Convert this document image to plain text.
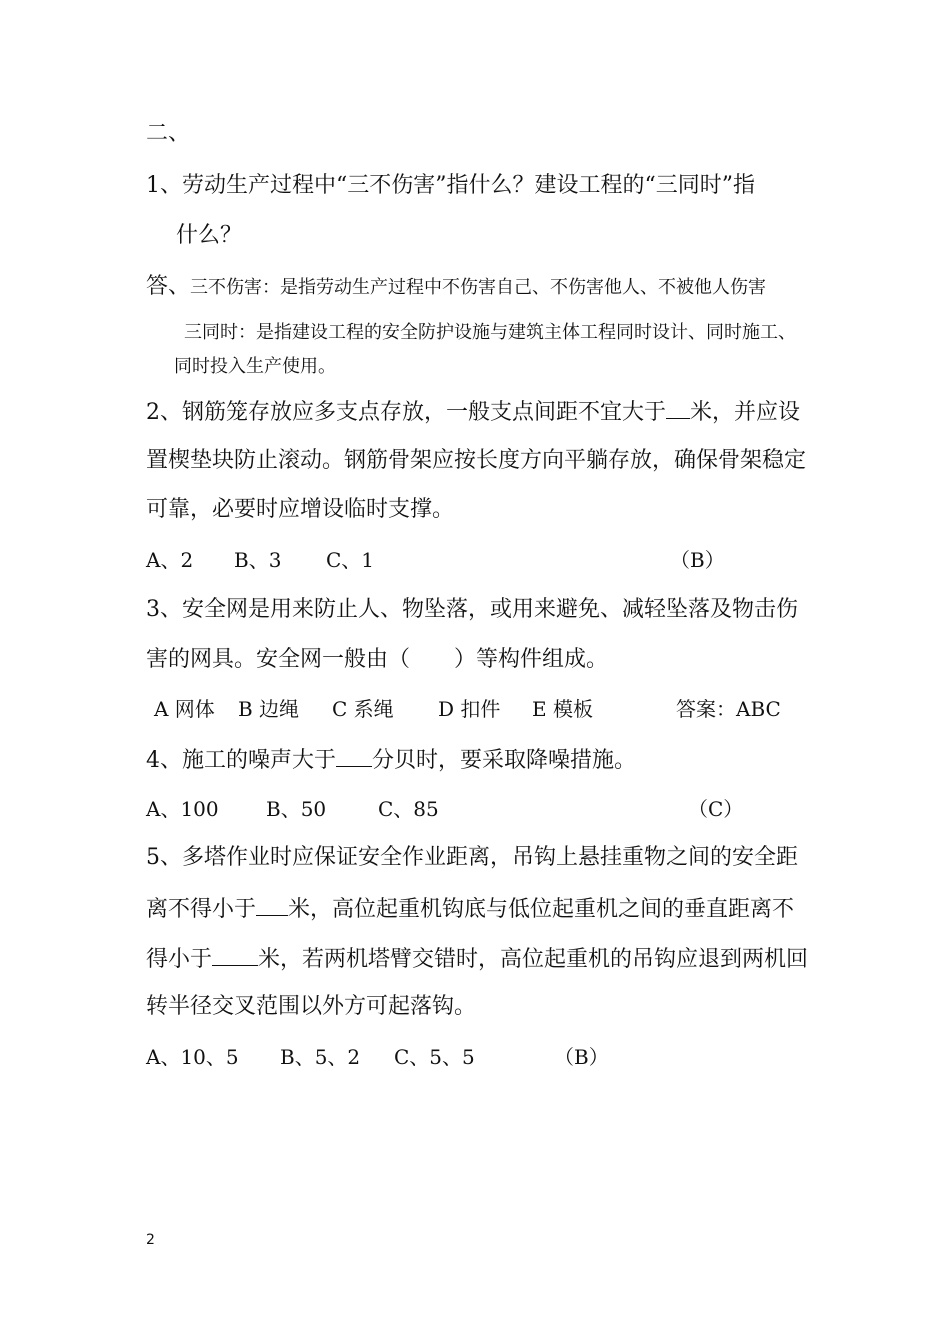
二、
1、劳动生产过程中“三不伤害”指什么？建设工程的“三同时”指
什么？
答、三不伤害：是指劳动生产过程中不伤害自己、不伤害他人、不被他人伤害
三同时：是指建设工程的安全防护设施与建筑主体工程同时设计、同时施工、
同时投入生产使用。
2、钢筋笼存放应多支点存放，一般支点间距不宜大于 米，并应设
置楔垫块防止滚动。钢筋骨架应按长度方向平躺存放，确保骨架稳定
可靠，必要时应增设临时支撑。
A、2 B、3 C、1	（B）
3、安全网是用来防止人、物坠落，或用来避免、减轻坠落及物击伤
害的网具。安全网一般由（　　）等构件组成。
A 网体 B 边绳 C 系绳 D 扣件 E 模板	答案：ABC
4、施工的噪声大于 分贝时，要采取降噪措施。
A、100 B、50	C、85	（C）
5、多塔作业时应保证安全作业距离，吊钩上悬挂重物之间的安全距
离不得小于 米，高位起重机钩底与低位起重机之间的垂直距离不
得小于 米，若两机塔臂交错时，高位起重机的吊钩应退到两机回
转半径交叉范围以外方可起落钩。
A、10、5 B、5、2 C、5、5	（B）
2
